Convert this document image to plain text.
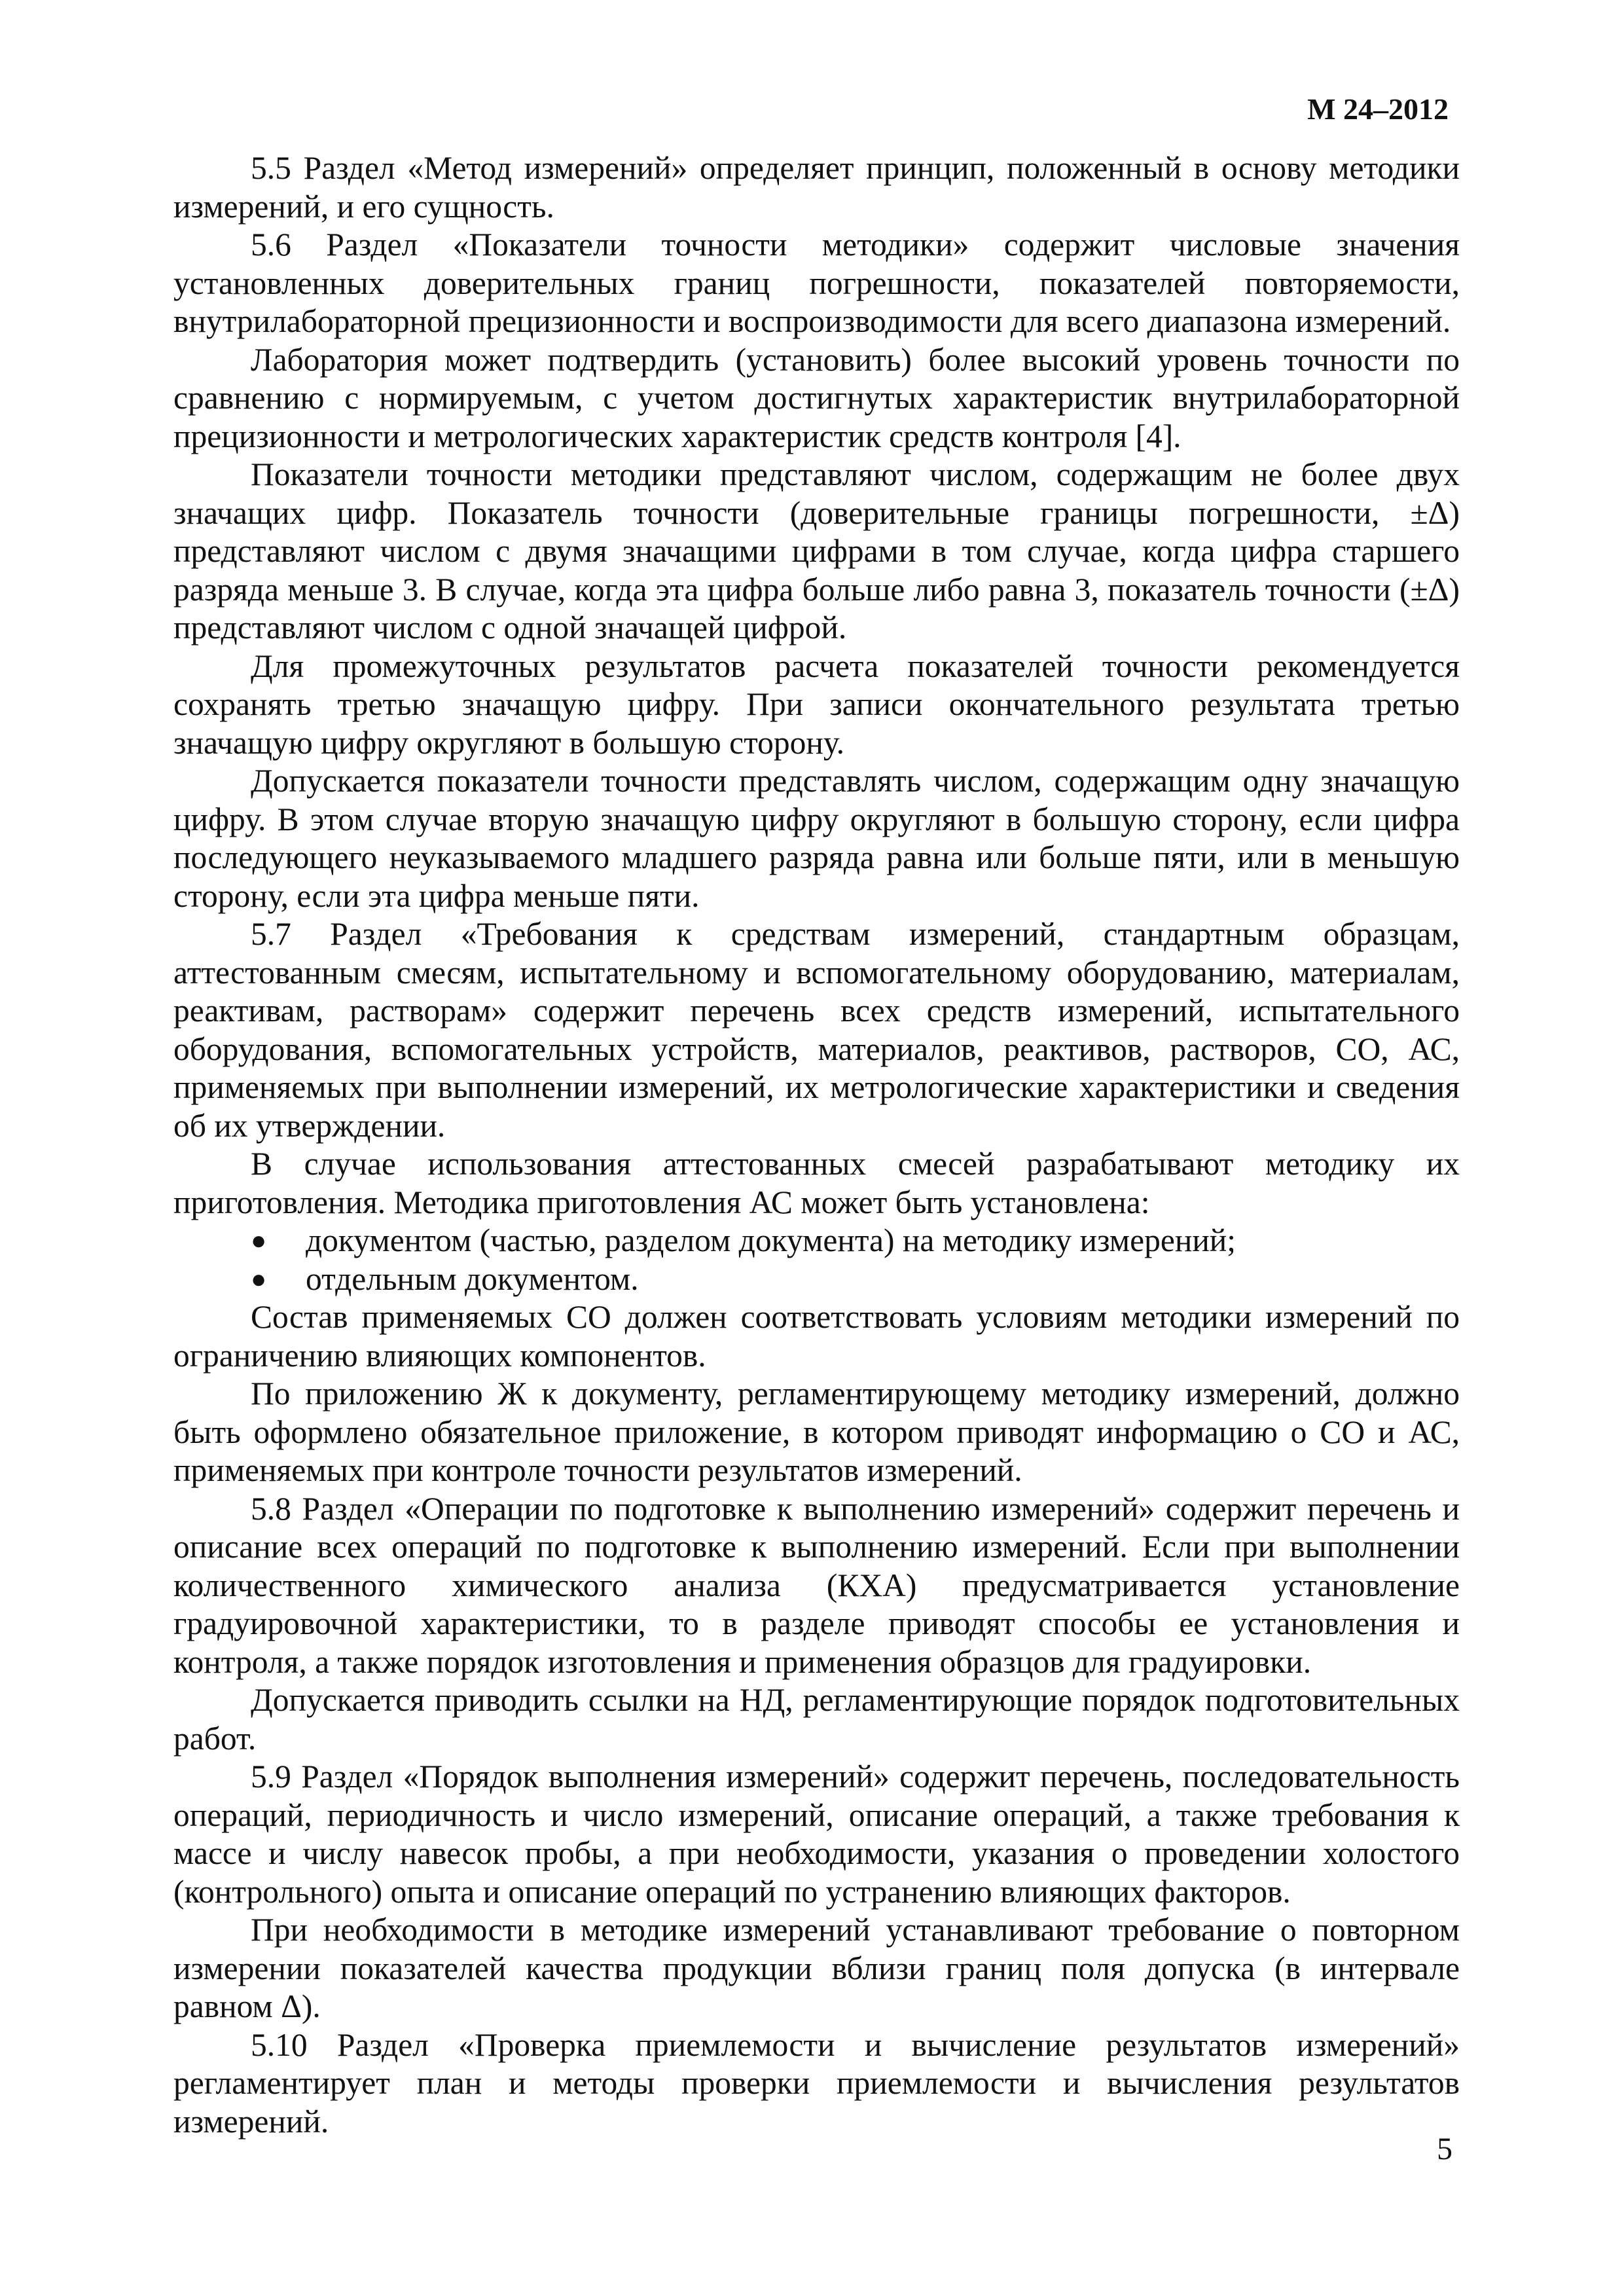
М 24–2012

5.5 Раздел «Метод измерений» определяет принцип, положенный в основу методики измерений, и его сущность.

5.6 Раздел «Показатели точности методики» содержит числовые значения установленных доверительных границ погрешности, показателей повторяемости, внутрилабораторной прецизионности и воспроизводимости для всего диапазона измерений.

Лаборатория может подтвердить (установить) более высокий уровень точности по сравнению с нормируемым, с учетом достигнутых характеристик внутрилабораторной прецизионности и метрологических характеристик средств контроля [4].

Показатели точности методики представляют числом, содержащим не более двух значащих цифр. Показатель точности (доверительные границы погрешности, ±Δ) представляют числом с двумя значащими цифрами в том случае, когда цифра старшего разряда меньше 3. В случае, когда эта цифра больше либо равна 3, показатель точности (±Δ) представляют числом с одной значащей цифрой.

Для промежуточных результатов расчета показателей точности рекомендуется сохранять третью значащую цифру. При записи окончательного результата третью значащую цифру округляют в большую сторону.

Допускается показатели точности представлять числом, содержащим одну значащую цифру. В этом случае вторую значащую цифру округляют в большую сторону, если цифра последующего неуказываемого младшего разряда равна или больше пяти, или в меньшую сторону, если эта цифра меньше пяти.

5.7 Раздел «Требования к средствам измерений, стандартным образцам, аттестованным смесям, испытательному и вспомогательному оборудованию, материалам, реактивам, растворам» содержит перечень всех средств измерений, испытательного оборудования, вспомогательных устройств, материалов, реактивов, растворов, СО, АС, применяемых при выполнении измерений, их метрологические характеристики и сведения об их утверждении.

В случае использования аттестованных смесей разрабатывают методику их приготовления. Методика приготовления АС может быть установлена:

● документом (частью, разделом документа) на методику измерений;
● отдельным документом.

Состав применяемых СО должен соответствовать условиям методики измерений по ограничению влияющих компонентов.

По приложению Ж к документу, регламентирующему методику измерений, должно быть оформлено обязательное приложение, в котором приводят информацию о СО и АС, применяемых при контроле точности результатов измерений.

5.8 Раздел «Операции по подготовке к выполнению измерений» содержит перечень и описание всех операций по подготовке к выполнению измерений. Если при выполнении количественного химического анализа (КХА) предусматривается установление градуировочной характеристики, то в разделе приводят способы ее установления и контроля, а также порядок изготовления и применения образцов для градуировки.

Допускается приводить ссылки на НД, регламентирующие порядок подготовительных работ.

5.9 Раздел «Порядок выполнения измерений» содержит перечень, последовательность операций, периодичность и число измерений, описание операций, а также требования к массе и числу навесок пробы, а при необходимости, указания о проведении холостого (контрольного) опыта и описание операций по устранению влияющих факторов.

При необходимости в методике измерений устанавливают требование о повторном измерении показателей качества продукции вблизи границ поля допуска (в интервале равном Δ).

5.10 Раздел «Проверка приемлемости и вычисление результатов измерений» регламентирует план и методы проверки приемлемости и вычисления результатов измерений.

5
